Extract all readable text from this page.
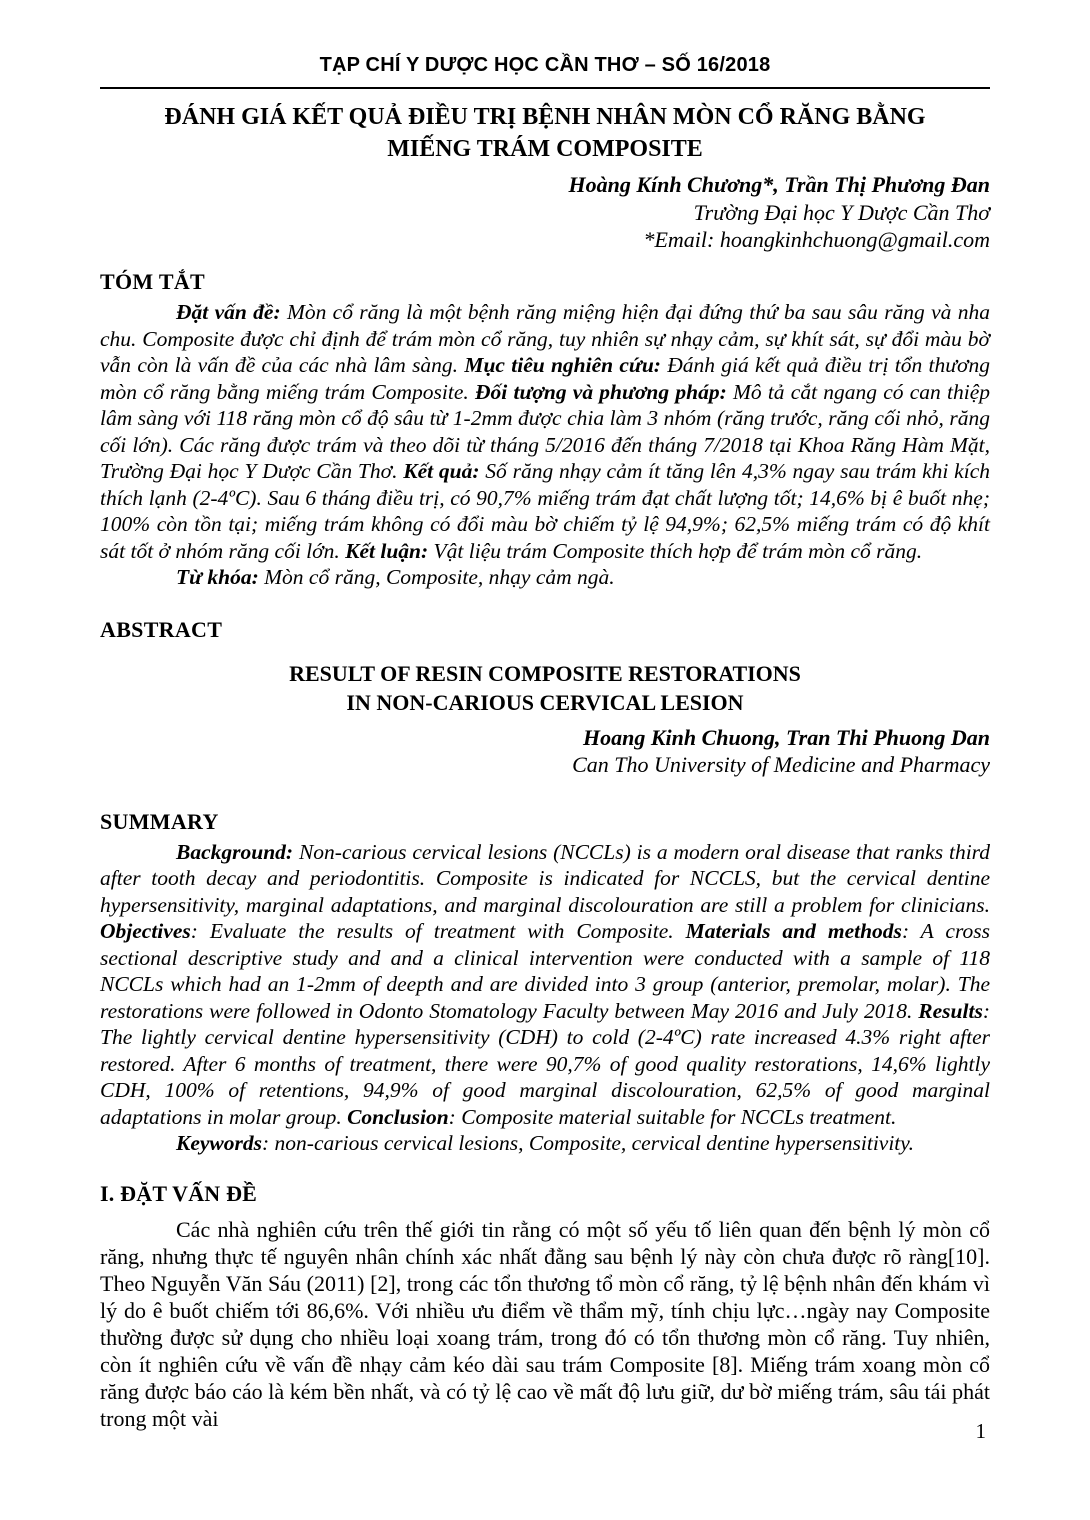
TẠP CHÍ Y DƯỢC HỌC CẦN THƠ – SỐ 16/2018
ĐÁNH GIÁ KẾT QUẢ ĐIỀU TRỊ BỆNH NHÂN MÒN CỔ RĂNG BẰNG
MIẾNG TRÁM COMPOSITE
Hoàng Kính Chương*, Trần Thị Phương Đan
Trường Đại học Y Dược Cần Thơ
*Email: hoangkinhchuong@gmail.com
TÓM TẮT

Đặt vấn đề: Mòn cổ răng là một bệnh răng miệng hiện đại đứng thứ ba sau sâu răng và nha chu. Composite được chỉ định để trám mòn cổ răng, tuy nhiên sự nhạy cảm, sự khít sát, sự đổi màu bờ vẫn còn là vấn đề của các nhà lâm sàng. Mục tiêu nghiên cứu: Đánh giá kết quả điều trị tổn thương mòn cổ răng bằng miếng trám Composite. Đối tượng và phương pháp: Mô tả cắt ngang có can thiệp lâm sàng với 118 răng mòn cổ độ sâu từ 1-2mm được chia làm 3 nhóm (răng trước, răng cối nhỏ, răng cối lớn). Các răng được trám và theo dõi từ tháng 5/2016 đến tháng 7/2018 tại Khoa Răng Hàm Mặt, Trường Đại học Y Dược Cần Thơ. Kết quả: Số răng nhạy cảm ít tăng lên 4,3% ngay sau trám khi kích thích lạnh (2-4ºC). Sau 6 tháng điều trị, có 90,7% miếng trám đạt chất lượng tốt; 14,6% bị ê buốt nhẹ; 100% còn tồn tại; miếng trám không có đổi màu bờ chiếm tỷ lệ 94,9%; 62,5% miếng trám có độ khít sát tốt ở nhóm răng cối lớn. Kết luận: Vật liệu trám Composite thích hợp để trám mòn cổ răng.

Từ khóa: Mòn cổ răng, Composite, nhạy cảm ngà.

ABSTRACT
RESULT OF RESIN COMPOSITE RESTORATIONS
IN NON-CARIOUS CERVICAL LESION
Hoang Kinh Chuong, Tran Thi Phuong Dan
Can Tho University of Medicine and Pharmacy
SUMMARY

Background: Non-carious cervical lesions (NCCLs) is a modern oral disease that ranks third after tooth decay and periodontitis. Composite is indicated for NCCLS, but the cervical dentine hypersensitivity, marginal adaptations, and marginal discolouration are still a problem for clinicians. Objectives: Evaluate the results of treatment with Composite. Materials and methods: A cross sectional descriptive study and and a clinical intervention were conducted with a sample of 118 NCCLs which had an 1-2mm of deepth and are divided into 3 group (anterior, premolar, molar). The restorations were followed in Odonto Stomatology Faculty between May 2016 and July 2018. Results: The lightly cervical dentine hypersensitivity (CDH) to cold (2-4ºC) rate increased 4.3% right after restored. After 6 months of treatment, there were 90,7% of good quality restorations, 14,6% lightly CDH, 100% of retentions, 94,9% of good marginal discolouration, 62,5% of good marginal adaptations in molar group. Conclusion: Composite material suitable for NCCLs treatment.

Keywords: non-carious cervical lesions, Composite, cervical dentine hypersensitivity.

I. ĐẶT VẤN ĐỀ

Các nhà nghiên cứu trên thế giới tin rằng có một số yếu tố liên quan đến bệnh lý mòn cổ răng, nhưng thực tế nguyên nhân chính xác nhất đằng sau bệnh lý này còn chưa được rõ ràng[10]. Theo Nguyễn Văn Sáu (2011) [2], trong các tổn thương tổ mòn cổ răng, tỷ lệ bệnh nhân đến khám vì lý do ê buốt chiếm tới 86,6%. Với nhiều ưu điểm về thẩm mỹ, tính chịu lực…ngày nay Composite thường được sử dụng cho nhiều loại xoang trám, trong đó có tổn thương mòn cổ răng. Tuy nhiên, còn ít nghiên cứu về vấn đề nhạy cảm kéo dài sau trám Composite [8]. Miếng trám xoang mòn cổ răng được báo cáo là kém bền nhất, và có tỷ lệ cao về mất độ lưu giữ, dư bờ miếng trám, sâu tái phát trong một vài

1
